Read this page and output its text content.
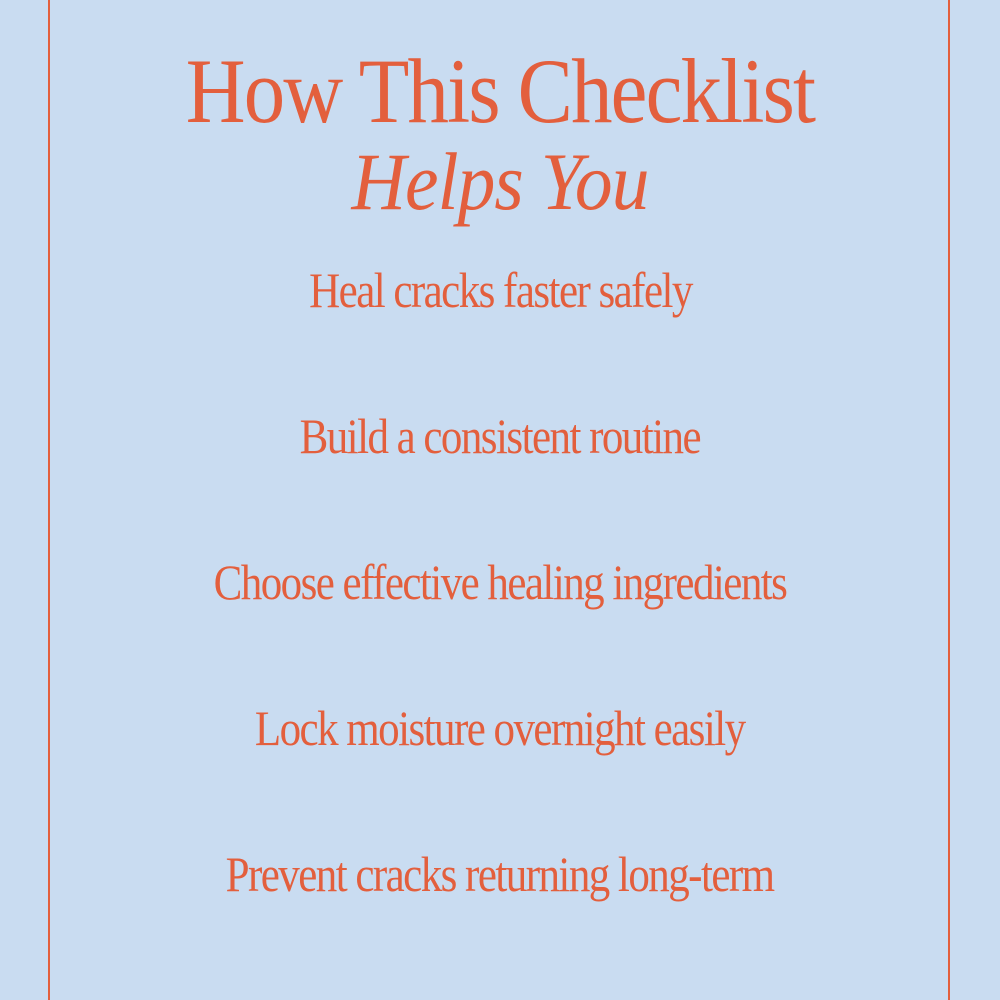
How This Checklist
Helps You
Heal cracks faster safely
Build a consistent routine
Choose effective healing ingredients
Lock moisture overnight easily
Prevent cracks returning long-term
